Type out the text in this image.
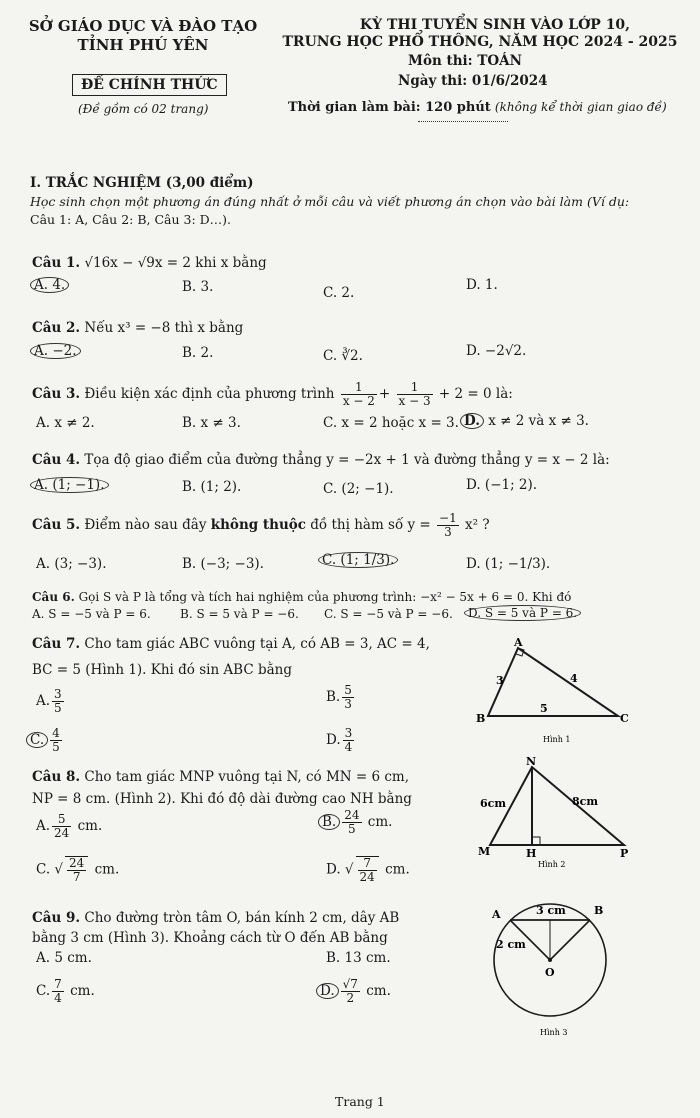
SỞ GIÁO DỤC VÀ ĐÀO TẠO
TỈNH PHÚ YÊN
ĐỀ CHÍNH THỨC
(Đề gồm có 02 trang)
KỲ THI TUYỂN SINH VÀO LỚP 10,
TRUNG HỌC PHỔ THÔNG, NĂM HỌC 2024 - 2025
Môn thi: TOÁN
Ngày thi: 01/6/2024
Thời gian làm bài: 120 phút (không kể thời gian giao đề)
I. TRẮC NGHIỆM (3,00 điểm)
Học sinh chọn một phương án đúng nhất ở mỗi câu và viết phương án chọn vào bài làm (Ví dụ:
Câu 1: A, Câu 2: B, Câu 3: D…).
Câu 1. √16x − √9x = 2 khi x bằng
A. 4.	B. 3.	C. 2.	D. 1.
Câu 2. Nếu x³ = −8 thì x bằng
A. −2.	B. 2.	C. ∛2.	D. −2√2.
Câu 3. Điều kiện xác định của phương trình $\frac{1}{x - 2} + \frac{1}{x - 3} + 2 = 0$ là:
A. x ≠ 2.	B. x ≠ 3.	C. x = 2 hoặc x = 3. D. x ≠ 2 và x ≠ 3.
Câu 4. Tọa độ giao điểm của đường thẳng y = −2x + 1 và đường thẳng y = x − 2 là:
A. (1; −1).	B. (1; 2).	C. (2; −1).	D. (−1; 2).
Câu 5. Điểm nào sau đây không thuộc đồ thị hàm số $y = \frac{-1}{3} x^2$ ?
A. (3; −3).	B. (−3; −3).	C. (1; 1/3).	D. (1; −1/3).
Câu 6. Gọi S và P là tổng và tích hai nghiệm của phương trình: −x² − 5x + 6 = 0. Khi đó
A. S = −5 và P = 6. B. S = 5 và P = −6. C. S = −5 và P = −6.	D. S = 5 và P = 6.
Câu 7. Cho tam giác ABC vuông tại A, có AB = 3, AC = 4,
BC = 5 (Hình 1). Khi đó sin ABC bằng
A. $\frac{3}{5}$	B. $\frac{5}{3}$
C. $\frac{4}{5}$	D. $\frac{3}{4}$
Câu 8. Cho tam giác MNP vuông tại N, có MN = 6 cm,
NP = 8 cm. (Hình 2). Khi đó độ dài đường cao NH bằng
A. $\frac{5}{24}$ cm.	B. $\frac{24}{5}$ cm.
C. √ $\frac{24}{7}$ cm.	D. √ $\frac{7}{24}$ cm.
Câu 9. Cho đường tròn tâm O, bán kính 2 cm, dây AB
bằng 3 cm (Hình 3). Khoảng cách từ O đến AB bằng
A. 5 cm.	B. 13 cm.
C. $\frac{7}{4}$ cm.	D. $\frac{√7}{2}$ cm.
A
B	C
3	4
5
Hình 1
N
M	H	P
6cm	8cm
Hình 2
A	B
O
3 cm
2 cm
Hình 3
Trang 1
